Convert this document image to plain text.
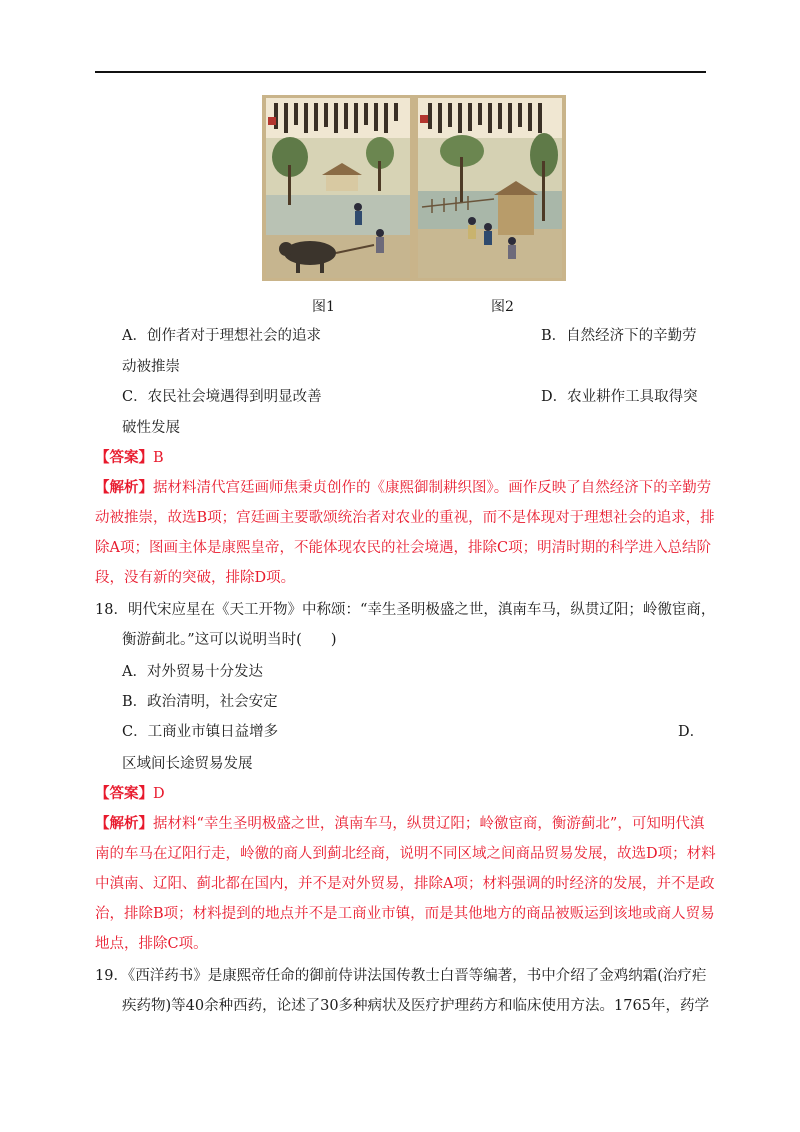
图1	图2
A．创作者对于理想社会的追求	B．自然经济下的辛勤劳
动被推崇
C．农民社会境遇得到明显改善	D．农业耕作工具取得突
破性发展
【答案】B
【解析】据材料清代宫廷画师焦秉贞创作的《康熙御制耕织图》。画作反映了自然经济下的辛勤劳
动被推崇，故选B项；宫廷画主要歌颂统治者对农业的重视，而不是体现对于理想社会的追求，排
除A项；图画主体是康熙皇帝，不能体现农民的社会境遇，排除C项；明清时期的科学进入总结阶
段，没有新的突破，排除D项。
18．明代宋应星在《天工开物》中称颂：“幸生圣明极盛之世，滇南车马，纵贯辽阳；岭徼宦商，
衡游蓟北。”这可以说明当时(　　)
A．对外贸易十分发达
B．政治清明，社会安定
C．工商业市镇日益增多	D．
区域间长途贸易发展
【答案】D
【解析】据材料“幸生圣明极盛之世，滇南车马，纵贯辽阳；岭徼宦商，衡游蓟北”，可知明代滇
南的车马在辽阳行走，岭徼的商人到蓟北经商，说明不同区域之间商品贸易发展，故选D项；材料
中滇南、辽阳、蓟北都在国内，并不是对外贸易，排除A项；材料强调的时经济的发展，并不是政
治，排除B项；材料提到的地点并不是工商业市镇，而是其他地方的商品被贩运到该地或商人贸易
地点，排除C项。
19．《西洋药书》是康熙帝任命的御前侍讲法国传教士白晋等编著，书中介绍了金鸡纳霜(治疗疟
疾药物)等40余种西药，论述了30多种病状及医疗护理药方和临床使用方法。1765年，药学
